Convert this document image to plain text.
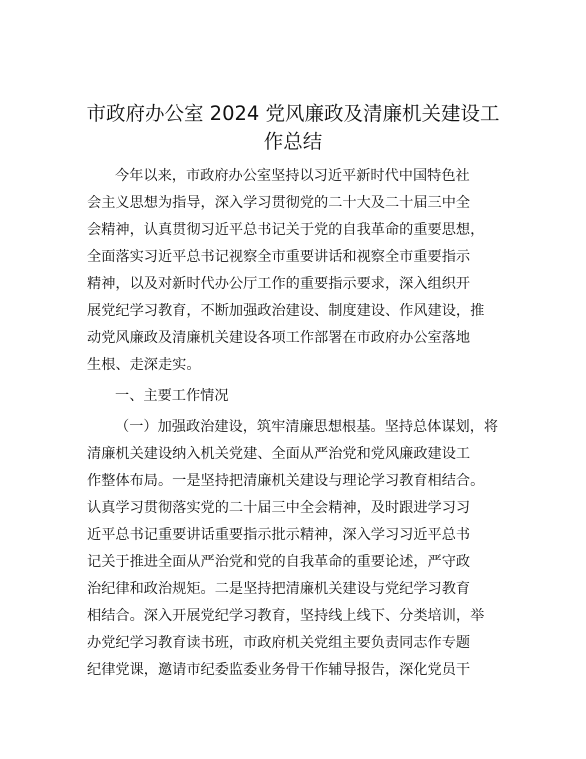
市政府办公室 2024 党风廉政及清廉机关建设工
作总结
今年以来，市政府办公室坚持以习近平新时代中国特色社
会主义思想为指导，深入学习贯彻党的二十大及二十届三中全
会精神，认真贯彻习近平总书记关于党的自我革命的重要思想，
全面落实习近平总书记视察全市重要讲话和视察全市重要指示
精神，以及对新时代办公厅工作的重要指示要求，深入组织开
展党纪学习教育，不断加强政治建设、制度建设、作风建设，推
动党风廉政及清廉机关建设各项工作部署在市政府办公室落地
生根、走深走实。
一、主要工作情况
（一）加强政治建设，筑牢清廉思想根基。坚持总体谋划，将
清廉机关建设纳入机关党建、全面从严治党和党风廉政建设工
作整体布局。一是坚持把清廉机关建设与理论学习教育相结合。
认真学习贯彻落实党的二十届三中全会精神，及时跟进学习习
近平总书记重要讲话重要指示批示精神，深入学习习近平总书
记关于推进全面从严治党和党的自我革命的重要论述，严守政
治纪律和政治规矩。二是坚持把清廉机关建设与党纪学习教育
相结合。深入开展党纪学习教育，坚持线上线下、分类培训，举
办党纪学习教育读书班，市政府机关党组主要负责同志作专题
纪律党课，邀请市纪委监委业务骨干作辅导报告，深化党员干
